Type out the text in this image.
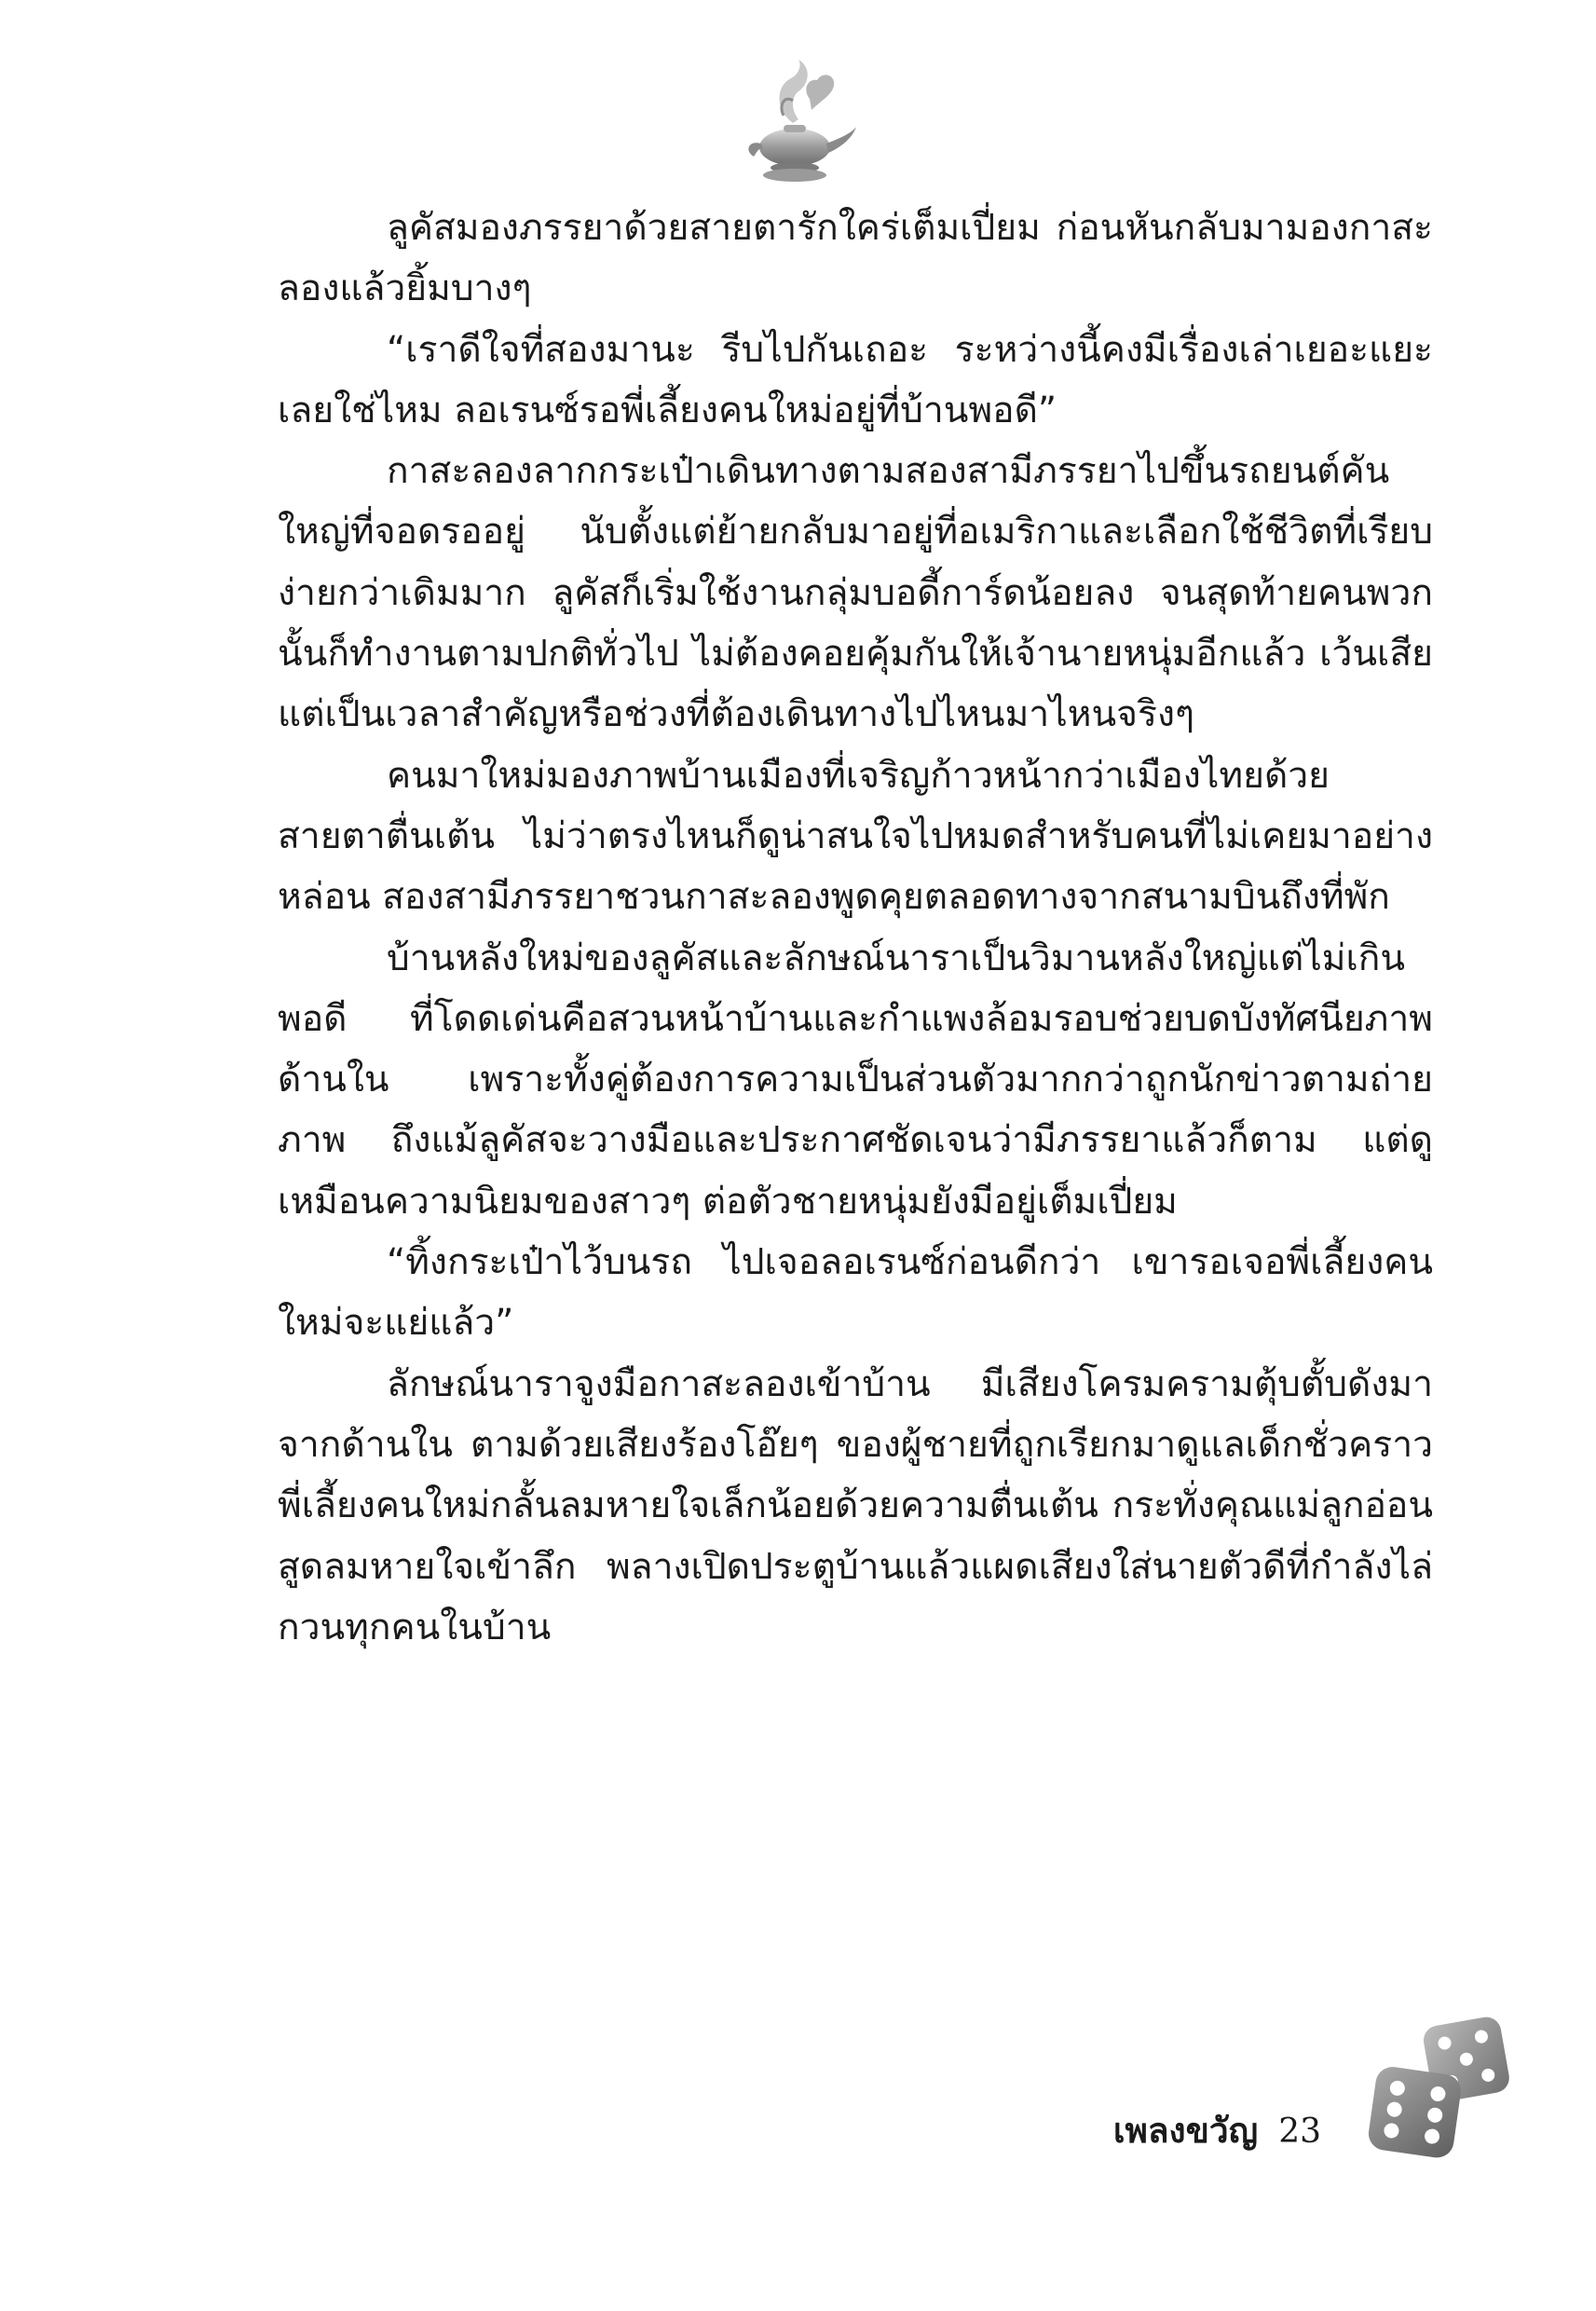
ลูคัสมองภรรยาด้วยสายตารักใคร่เต็มเปี่ยม ก่อนหันกลับมามองกาสะลองแล้วยิ้มบางๆ

“เราดีใจที่สองมานะ รีบไปกันเถอะ ระหว่างนี้คงมีเรื่องเล่าเยอะแยะเลยใช่ไหม ลอเรนซ์รอพี่เลี้ยงคนใหม่อยู่ที่บ้านพอดี”

กาสะลองลากกระเป๋าเดินทางตามสองสามีภรรยาไปขึ้นรถยนต์คันใหญ่ที่จอดรออยู่ นับตั้งแต่ย้ายกลับมาอยู่ที่อเมริกาและเลือกใช้ชีวิตที่เรียบง่ายกว่าเดิมมาก ลูคัสก็เริ่มใช้งานกลุ่มบอดี้การ์ดน้อยลง จนสุดท้ายคนพวกนั้นก็ทำงานตามปกติทั่วไป ไม่ต้องคอยคุ้มกันให้เจ้านายหนุ่มอีกแล้ว เว้นเสียแต่เป็นเวลาสำคัญหรือช่วงที่ต้องเดินทางไปไหนมาไหนจริงๆ

คนมาใหม่มองภาพบ้านเมืองที่เจริญก้าวหน้ากว่าเมืองไทยด้วยสายตาตื่นเต้น ไม่ว่าตรงไหนก็ดูน่าสนใจไปหมดสำหรับคนที่ไม่เคยมาอย่างหล่อน สองสามีภรรยาชวนกาสะลองพูดคุยตลอดทางจากสนามบินถึงที่พัก

บ้านหลังใหม่ของลูคัสและลักษณ์นาราเป็นวิมานหลังใหญ่แต่ไม่เกินพอดี ที่โดดเด่นคือสวนหน้าบ้านและกำแพงล้อมรอบช่วยบดบังทัศนียภาพด้านใน เพราะทั้งคู่ต้องการความเป็นส่วนตัวมากกว่าถูกนักข่าวตามถ่ายภาพ ถึงแม้ลูคัสจะวางมือและประกาศชัดเจนว่ามีภรรยาแล้วก็ตาม แต่ดูเหมือนความนิยมของสาวๆ ต่อตัวชายหนุ่มยังมีอยู่เต็มเปี่ยม

“ทิ้งกระเป๋าไว้บนรถ ไปเจอลอเรนซ์ก่อนดีกว่า เขารอเจอพี่เลี้ยงคนใหม่จะแย่แล้ว”

ลักษณ์นาราจูงมือกาสะลองเข้าบ้าน มีเสียงโครมครามตุ้บตั้บดังมาจากด้านใน ตามด้วยเสียงร้องโอ๊ยๆ ของผู้ชายที่ถูกเรียกมาดูแลเด็กชั่วคราว พี่เลี้ยงคนใหม่กลั้นลมหายใจเล็กน้อยด้วยความตื่นเต้น กระทั่งคุณแม่ลูกอ่อนสูดลมหายใจเข้าลึก พลางเปิดประตูบ้านแล้วแผดเสียงใส่นายตัวดีที่กำลังไล่กวนทุกคนในบ้าน

เพลงขวัญ 23
